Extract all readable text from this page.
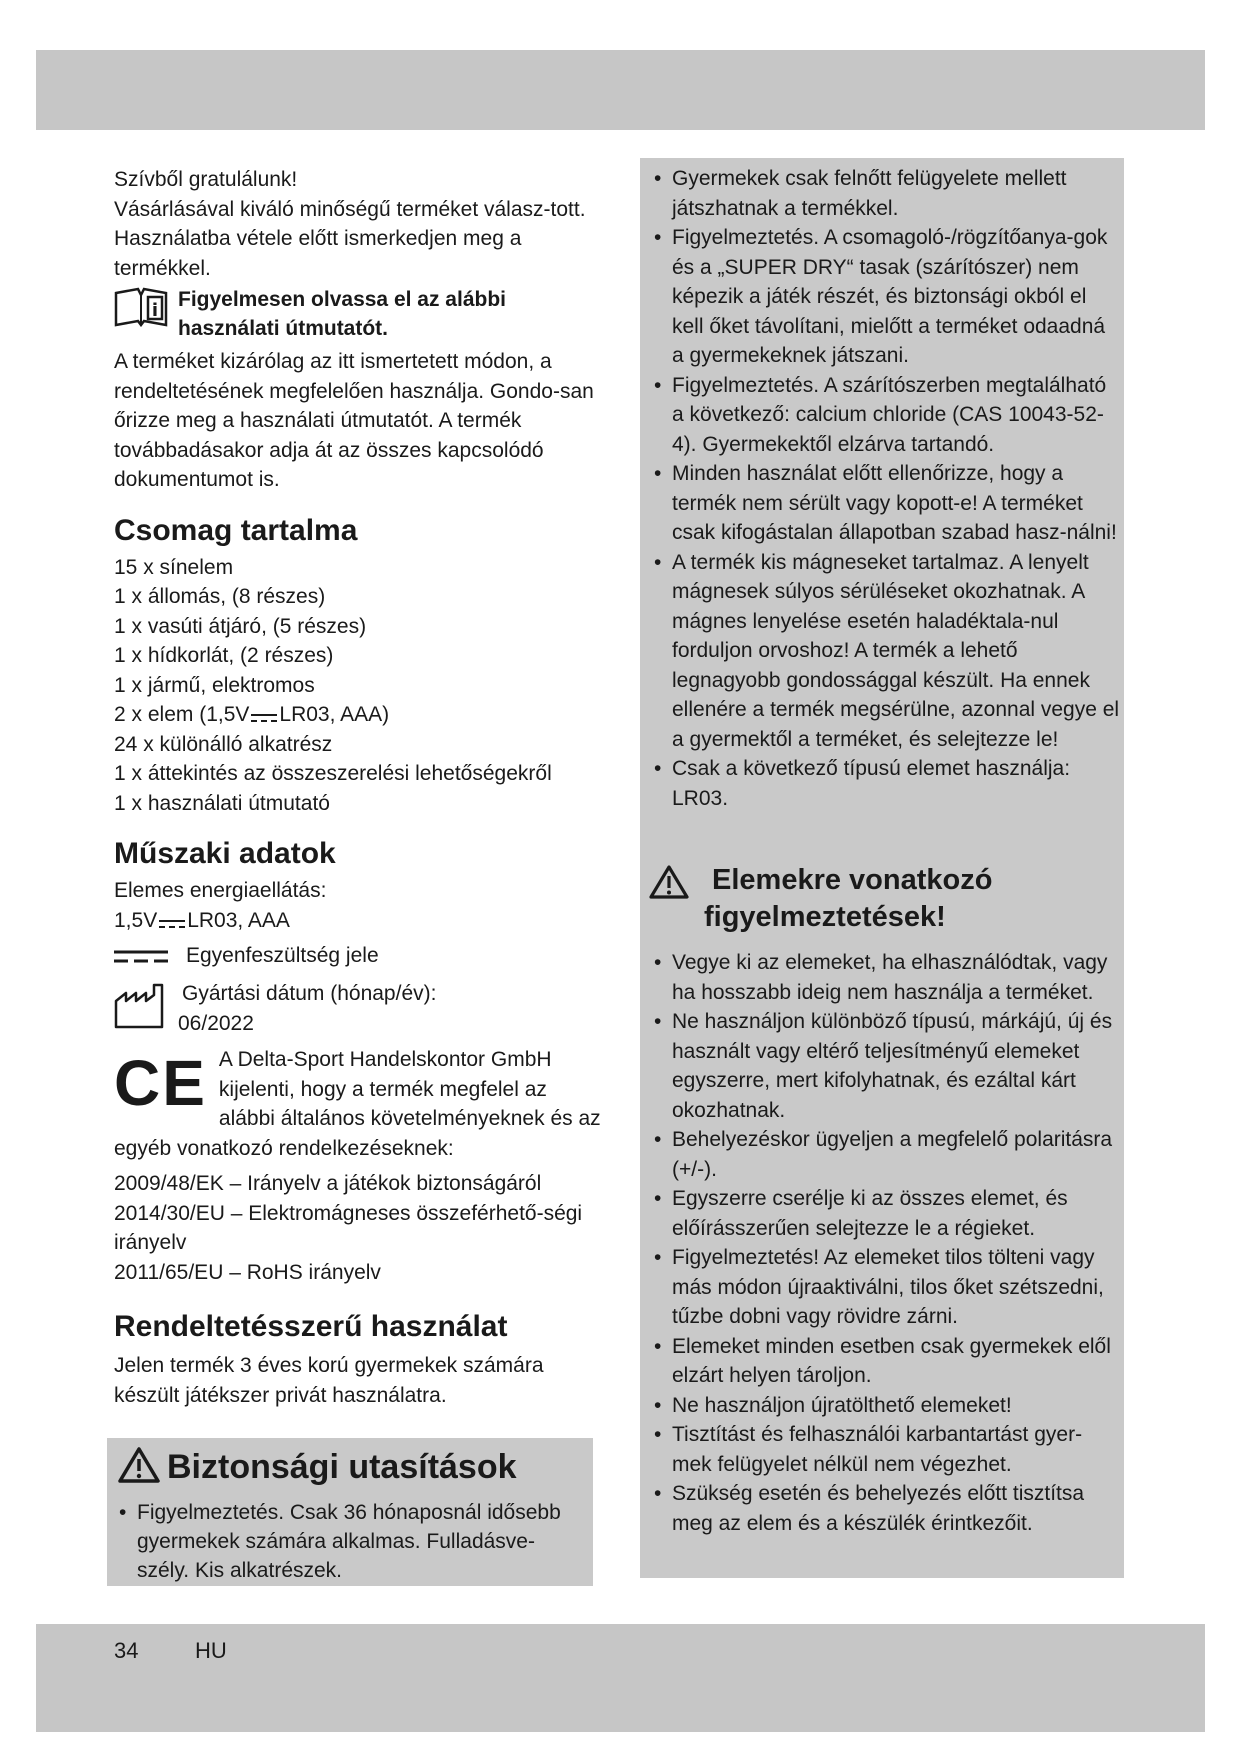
Szívből gratulálunk!

Vásárlásával kiváló minőségű terméket válasz-tott. Használatba vétele előtt ismerkedjen meg a termékkel.

i Figyelmesen olvassa el az alábbi
használati útmutatót.

A terméket kizárólag az itt ismertetett módon, a rendeltetésének megfelelően használja. Gondo-san őrizze meg a használati útmutatót. A termék továbbadásakor adja át az összes kapcsolódó dokumentumot is.

Csomag tartalma
15 x sínelem
1 x állomás, (8 részes)
1 x vasúti átjáró, (5 részes)
1 x hídkorlát, (2 részes)
1 x jármű, elektromos
2 x elem (1,5V LR03, AAA)
24 x különálló alkatrész
1 x áttekintés az összeszerelési lehetőségekről
1 x használati útmutató
Műszaki adatok

Elemes energiaellátás:

1,5V LR03, AAA

Egyenfeszültség jele
Gyártási dátum (hónap/év):
06/2022
CE A Delta-Sport Handelskontor GmbH kijelenti, hogy a termék megfelel az alábbi általános követelményeknek és az egyéb vonatkozó rendelkezéseknek:

2009/48/EK – Irányelv a játékok biztonságáról

2014/30/EU – Elektromágneses összeférhető-ségi irányelv

2011/65/EU – RoHS irányelv

Rendeltetésszerű használat

Jelen termék 3 éves korú gyermekek számára készült játékszer privát használatra.

Biztonsági utasítások
• Figyelmeztetés. Csak 36 hónaposnál idősebb gyermekek számára alkalmas. Fulladásve-szély. Kis alkatrészek.
• Gyermekek csak felnőtt felügyelete mellett játszhatnak a termékkel.
• Figyelmeztetés. A csomagoló-/rögzítőanya-gok és a „SUPER DRY“ tasak (szárítószer) nem képezik a játék részét, és biztonsági okból el kell őket távolítani, mielőtt a terméket odaadná a gyermekeknek játszani.
• Figyelmeztetés. A szárítószerben megtalálható a következő: calcium chloride (CAS 10043-52-4). Gyermekektől elzárva tartandó.
• Minden használat előtt ellenőrizze, hogy a termék nem sérült vagy kopott-e! A terméket csak kifogástalan állapotban szabad hasz-nálni!
• A termék kis mágneseket tartalmaz. A lenyelt mágnesek súlyos sérüléseket okozhatnak. A mágnes lenyelése esetén haladéktala-nul forduljon orvoshoz! A termék a lehető legnagyobb gondossággal készült. Ha ennek ellenére a termék megsérülne, azonnal vegye el a gyermektől a terméket, és selejtezze le!
• Csak a következő típusú elemet használja: LR03.
Elemekre vonatkozó
figyelmeztetések!
• Vegye ki az elemeket, ha elhasználódtak, vagy ha hosszabb ideig nem használja a terméket.
• Ne használjon különböző típusú, márkájú, új és használt vagy eltérő teljesítményű elemeket egyszerre, mert kifolyhatnak, és ezáltal kárt okozhatnak.
• Behelyezéskor ügyeljen a megfelelő polaritásra (+/-).
• Egyszerre cserélje ki az összes elemet, és előírásszerűen selejtezze le a régieket.
• Figyelmeztetés! Az elemeket tilos tölteni vagy más módon újraaktiválni, tilos őket szétszedni, tűzbe dobni vagy rövidre zárni.
• Elemeket minden esetben csak gyermekek elől elzárt helyen tároljon.
• Ne használjon újratölthető elemeket!
• Tisztítást és felhasználói karbantartást gyer-mek felügyelet nélkül nem végezhet.
• Szükség esetén és behelyezés előtt tisztítsa meg az elem és a készülék érintkezőit.
34	HU
